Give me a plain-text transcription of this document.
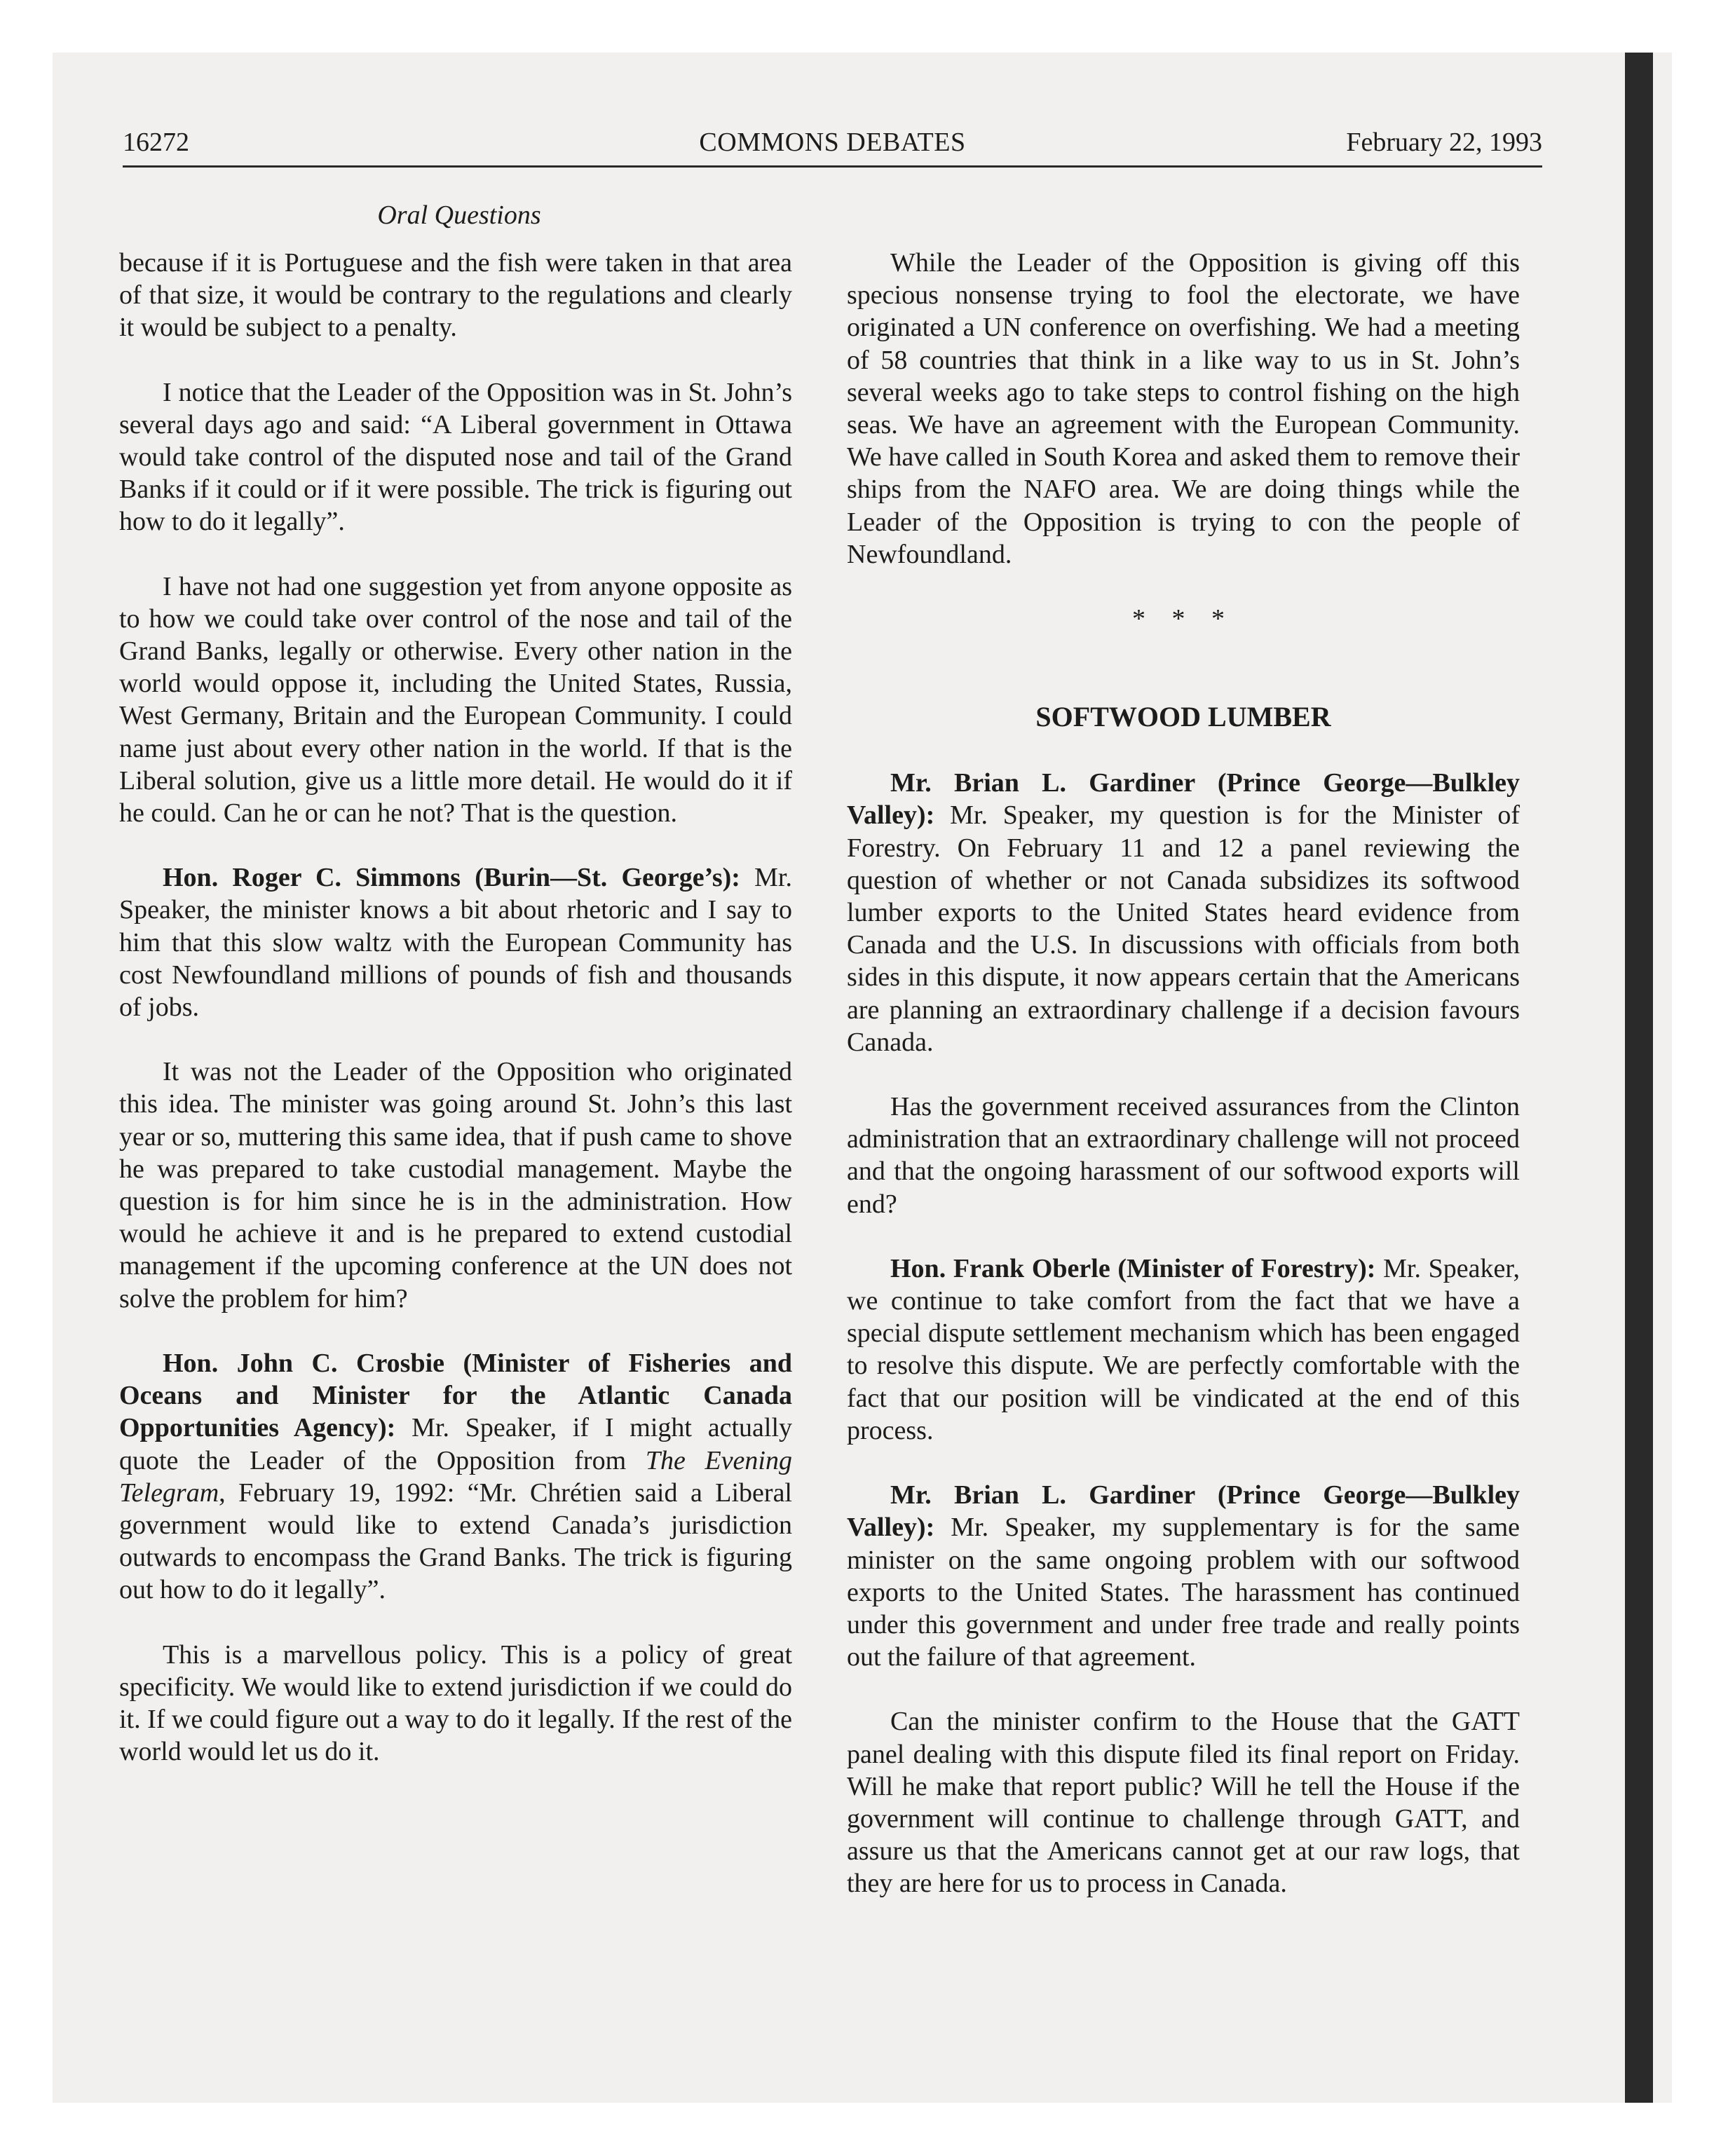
16272	COMMONS DEBATES	February 22, 1993
Oral Questions

because if it is Portuguese and the fish were taken in that area of that size, it would be contrary to the regulations and clearly it would be subject to a penalty.

I notice that the Leader of the Opposition was in St. John’s several days ago and said: “A Liberal government in Ottawa would take control of the disputed nose and tail of the Grand Banks if it could or if it were possible. The trick is figuring out how to do it legally”.

I have not had one suggestion yet from anyone opposite as to how we could take over control of the nose and tail of the Grand Banks, legally or otherwise. Every other nation in the world would oppose it, including the United States, Russia, West Germany, Britain and the European Community. I could name just about every other nation in the world. If that is the Liberal solution, give us a little more detail. He would do it if he could. Can he or can he not? That is the question.

Hon. Roger C. Simmons (Burin—St. George’s): Mr. Speaker, the minister knows a bit about rhetoric and I say to him that this slow waltz with the European Community has cost Newfoundland millions of pounds of fish and thousands of jobs.

It was not the Leader of the Opposition who originated this idea. The minister was going around St. John’s this last year or so, muttering this same idea, that if push came to shove he was prepared to take custodial management. Maybe the question is for him since he is in the administration. How would he achieve it and is he prepared to extend custodial management if the upcoming conference at the UN does not solve the problem for him?

Hon. John C. Crosbie (Minister of Fisheries and Oceans and Minister for the Atlantic Canada Opportunities Agency): Mr. Speaker, if I might actually quote the Leader of the Opposition from The Evening Telegram, February 19, 1992: “Mr. Chrétien said a Liberal government would like to extend Canada’s jurisdiction outwards to encompass the Grand Banks. The trick is figuring out how to do it legally”.

This is a marvellous policy. This is a policy of great specificity. We would like to extend jurisdiction if we could do it. If we could figure out a way to do it legally. If the rest of the world would let us do it.

While the Leader of the Opposition is giving off this specious nonsense trying to fool the electorate, we have originated a UN conference on overfishing. We had a meeting of 58 countries that think in a like way to us in St. John’s several weeks ago to take steps to control fishing on the high seas. We have an agreement with the European Community. We have called in South Korea and asked them to remove their ships from the NAFO area. We are doing things while the Leader of the Opposition is trying to con the people of Newfoundland.

* * *
SOFTWOOD LUMBER

Mr. Brian L. Gardiner (Prince George—Bulkley Valley): Mr. Speaker, my question is for the Minister of Forestry. On February 11 and 12 a panel reviewing the question of whether or not Canada subsidizes its softwood lumber exports to the United States heard evidence from Canada and the U.S. In discussions with officials from both sides in this dispute, it now appears certain that the Americans are planning an extraordinary challenge if a decision favours Canada.

Has the government received assurances from the Clinton administration that an extraordinary challenge will not proceed and that the ongoing harassment of our softwood exports will end?

Hon. Frank Oberle (Minister of Forestry): Mr. Speaker, we continue to take comfort from the fact that we have a special dispute settlement mechanism which has been engaged to resolve this dispute. We are perfectly comfortable with the fact that our position will be vindicated at the end of this process.

Mr. Brian L. Gardiner (Prince George—Bulkley Valley): Mr. Speaker, my supplementary is for the same minister on the same ongoing problem with our softwood exports to the United States. The harassment has continued under this government and under free trade and really points out the failure of that agreement.

Can the minister confirm to the House that the GATT panel dealing with this dispute filed its final report on Friday. Will he make that report public? Will he tell the House if the government will continue to challenge through GATT, and assure us that the Americans cannot get at our raw logs, that they are here for us to process in Canada.
